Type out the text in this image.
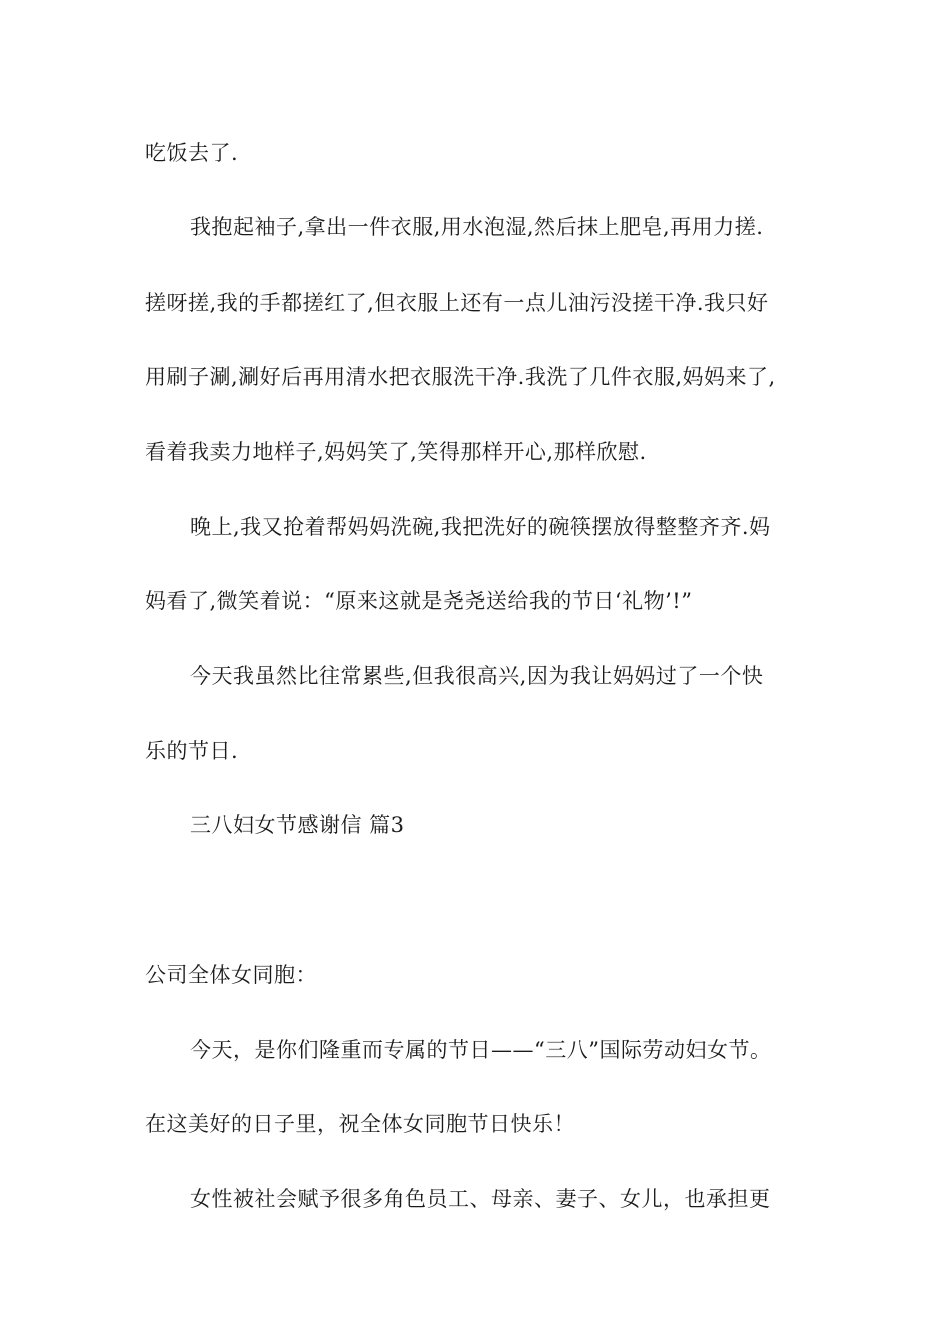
吃饭去了.
我抱起袖子,拿出一件衣服,用水泡湿,然后抹上肥皂,再用力搓.
搓呀搓,我的手都搓红了,但衣服上还有一点儿油污没搓干净.我只好
用刷子涮,涮好后再用清水把衣服洗干净.我洗了几件衣服,妈妈来了,
看着我卖力地样子,妈妈笑了,笑得那样开心,那样欣慰.
晚上,我又抢着帮妈妈洗碗,我把洗好的碗筷摆放得整整齐齐.妈
妈看了,微笑着说：“原来这就是尧尧送给我的节日‘礼物’!”
今天我虽然比往常累些,但我很高兴,因为我让妈妈过了一个快
乐的节日.
三八妇女节感谢信 篇3
公司全体女同胞：
今天，是你们隆重而专属的节日——“三八”国际劳动妇女节。
在这美好的日子里，祝全体女同胞节日快乐！
女性被社会赋予很多角色员工、母亲、妻子、女儿，也承担更
